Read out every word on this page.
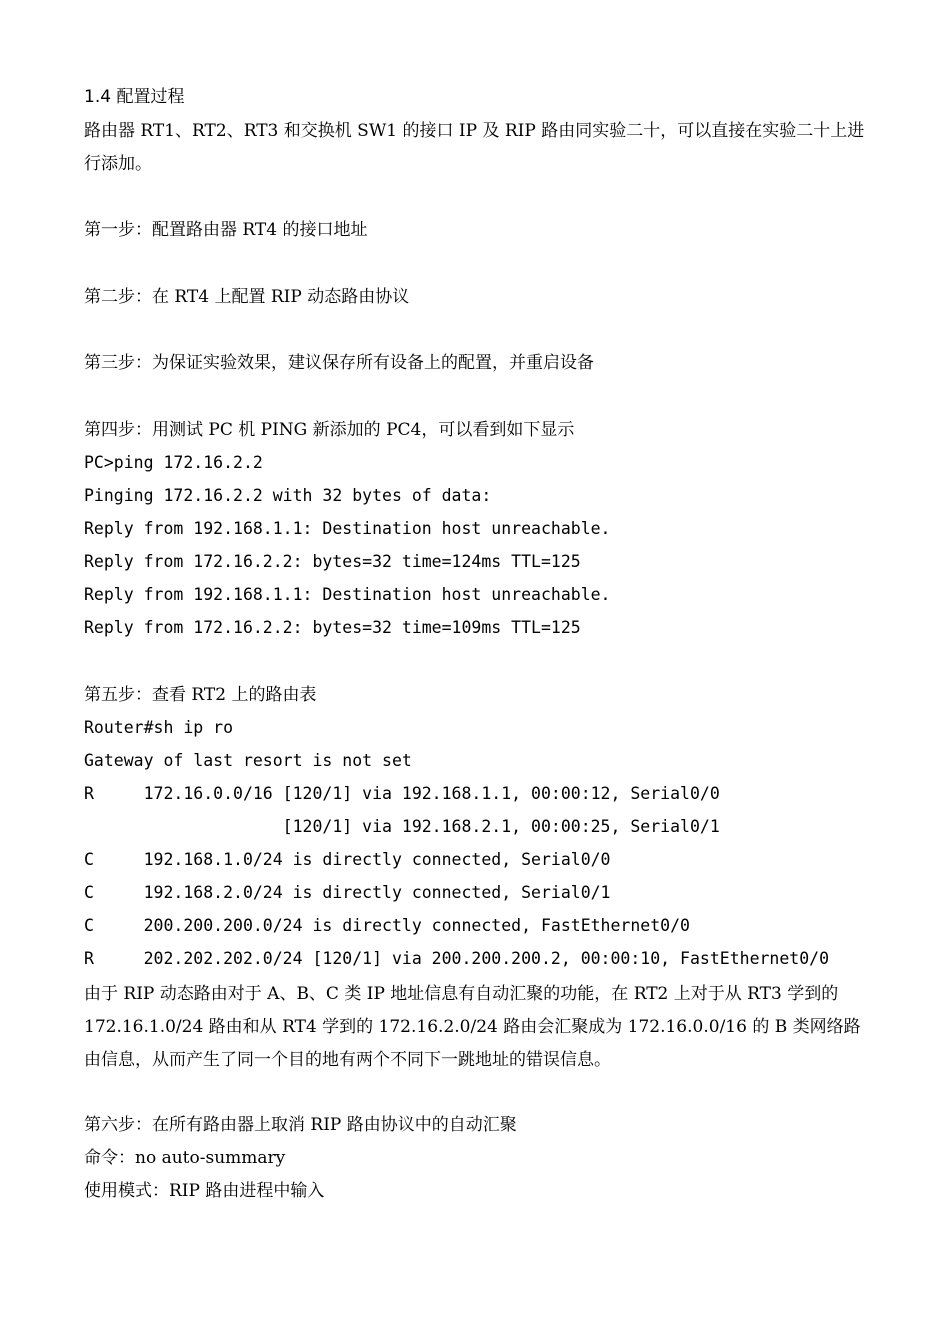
1.4 配置过程
路由器 RT1、RT2、RT3 和交换机 SW1 的接口 IP 及 RIP 路由同实验二十，可以直接在实验二十上进行添加。
第一步：配置路由器 RT4 的接口地址
第二步：在 RT4 上配置 RIP 动态路由协议
第三步：为保证实验效果，建议保存所有设备上的配置，并重启设备
第四步：用测试 PC 机 PING 新添加的 PC4，可以看到如下显示
PC>ping 172.16.2.2
Pinging 172.16.2.2 with 32 bytes of data:
Reply from 192.168.1.1: Destination host unreachable.
Reply from 172.16.2.2: bytes=32 time=124ms TTL=125
Reply from 192.168.1.1: Destination host unreachable.
Reply from 172.16.2.2: bytes=32 time=109ms TTL=125
第五步：查看 RT2 上的路由表
Router#sh ip ro
Gateway of last resort is not set
R     172.16.0.0/16 [120/1] via 192.168.1.1, 00:00:12, Serial0/0
[120/1] via 192.168.2.1, 00:00:25, Serial0/1
C     192.168.1.0/24 is directly connected, Serial0/0
C     192.168.2.0/24 is directly connected, Serial0/1
C     200.200.200.0/24 is directly connected, FastEthernet0/0
R     202.202.202.0/24 [120/1] via 200.200.200.2, 00:00:10, FastEthernet0/0
由于 RIP 动态路由对于 A、B、C 类 IP 地址信息有自动汇聚的功能，在 RT2 上对于从 RT3 学到的 172.16.1.0/24 路由和从 RT4 学到的 172.16.2.0/24 路由会汇聚成为 172.16.0.0/16 的 B 类网络路由信息，从而产生了同一个目的地有两个不同下一跳地址的错误信息。
第六步：在所有路由器上取消 RIP 路由协议中的自动汇聚
命令：no auto-summary
使用模式：RIP 路由进程中输入
